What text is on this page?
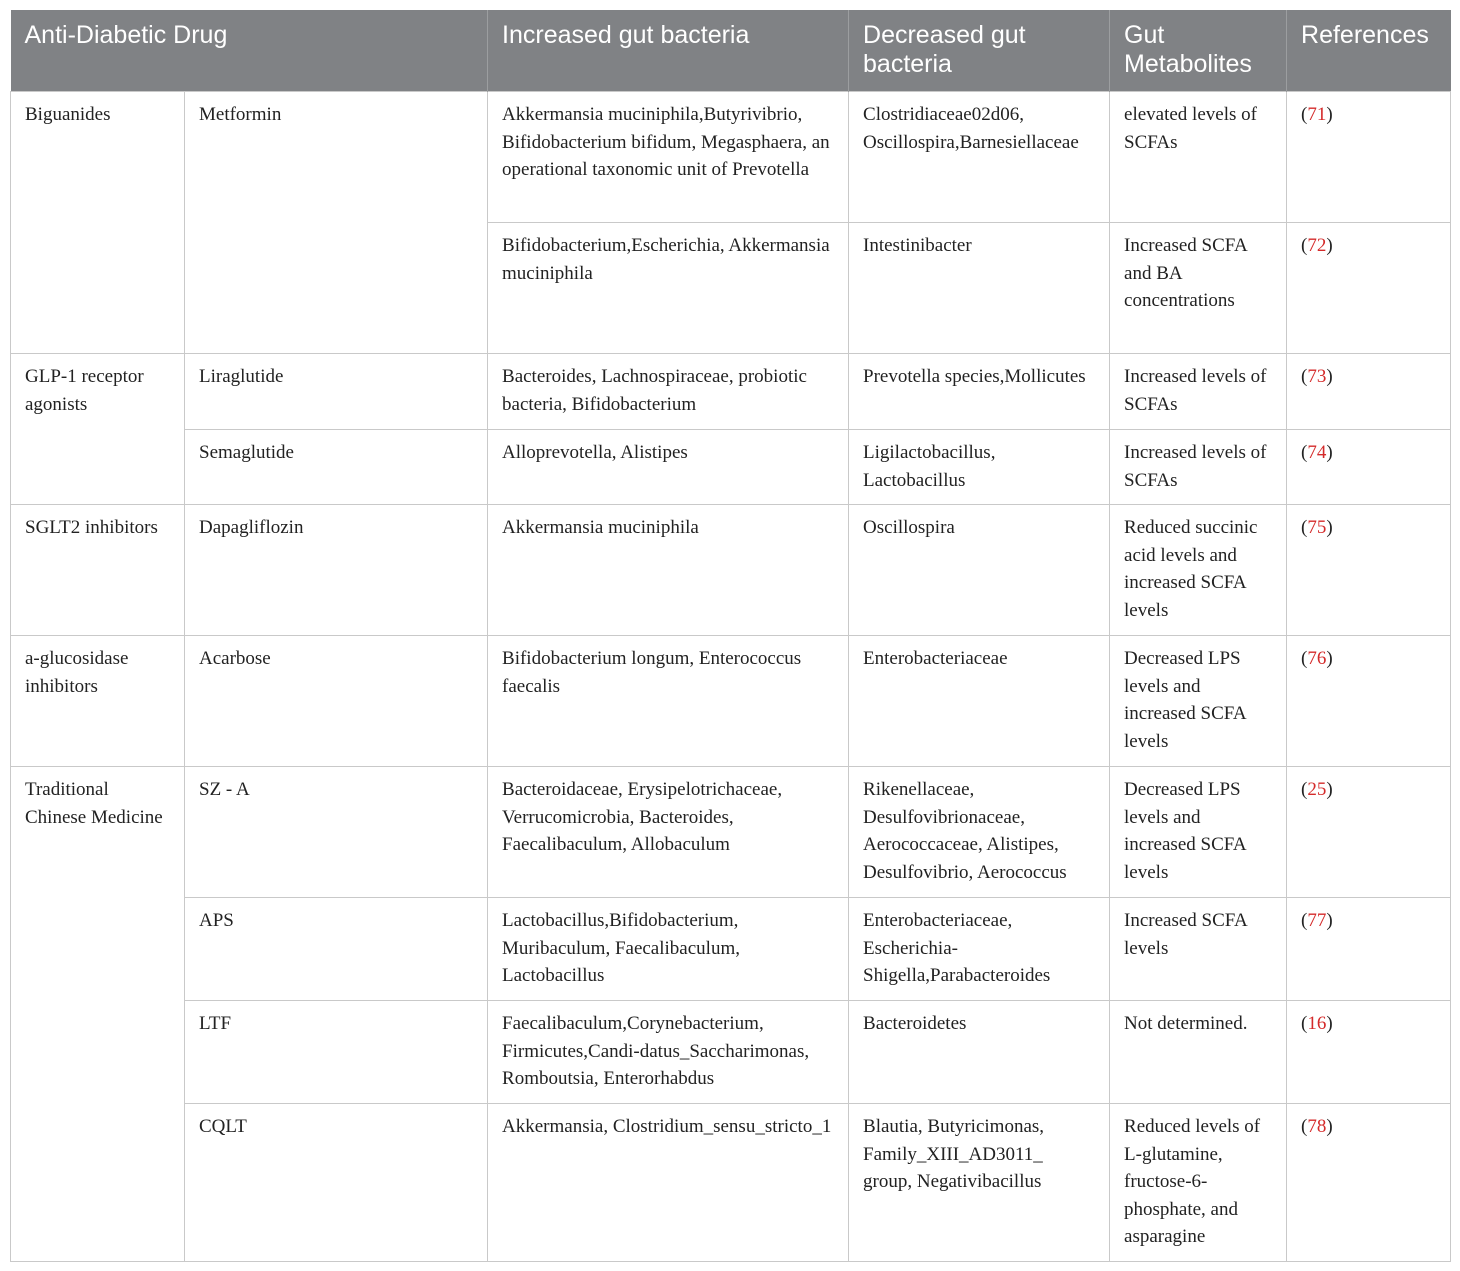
Anti-Diabetic Drug		Increased gut bacteria	Decreased gut bacteria	Gut Metabolites	References
Biguanides	Metformin	Akkermansia muciniphila,Butyrivibrio, Bifidobacterium bifidum, Megasphaera, an operational taxonomic unit of Prevotella	Clostridiaceae02d06, Oscillospira,Barnesiellaceae	elevated levels of SCFAs	(71)
		Bifidobacterium,Escherichia, Akkermansia muciniphila	Intestinibacter	Increased SCFA and BA concentrations	(72)
GLP-1 receptor agonists	Liraglutide	Bacteroides, Lachnospiraceae, probiotic bacteria, Bifidobacterium	Prevotella species,Mollicutes	Increased levels of SCFAs	(73)
	Semaglutide	Alloprevotella, Alistipes	Ligilactobacillus, Lactobacillus	Increased levels of SCFAs	(74)
SGLT2 inhibitors	Dapagliflozin	Akkermansia muciniphila	Oscillospira	Reduced succinic acid levels and increased SCFA levels	(75)
a-glucosidase inhibitors	Acarbose	Bifidobacterium longum, Enterococcus faecalis	Enterobacteriaceae	Decreased LPS levels and increased SCFA levels	(76)
Traditional Chinese Medicine	SZ - A	Bacteroidaceae, Erysipelotrichaceae, Verrucomicrobia, Bacteroides, Faecalibaculum, Allobaculum	Rikenellaceae, Desulfovibrionaceae, Aerococcaceae, Alistipes, Desulfovibrio, Aerococcus	Decreased LPS levels and increased SCFA levels	(25)
	APS	Lactobacillus,Bifidobacterium, Muribaculum, Faecalibaculum, Lactobacillus	Enterobacteriaceae, Escherichia-Shigella,Parabacteroides	Increased SCFA levels	(77)
	LTF	Faecalibaculum,Corynebacterium, Firmicutes,Candi-datus_Saccharimonas, Romboutsia, Enterorhabdus	Bacteroidetes	Not determined.	(16)
	CQLT	Akkermansia, Clostridium_sensu_stricto_1	Blautia, Butyricimonas, Family_XIII_AD3011_ group, Negativibacillus	Reduced levels of L-glutamine, fructose-6-phosphate, and asparagine	(78)
